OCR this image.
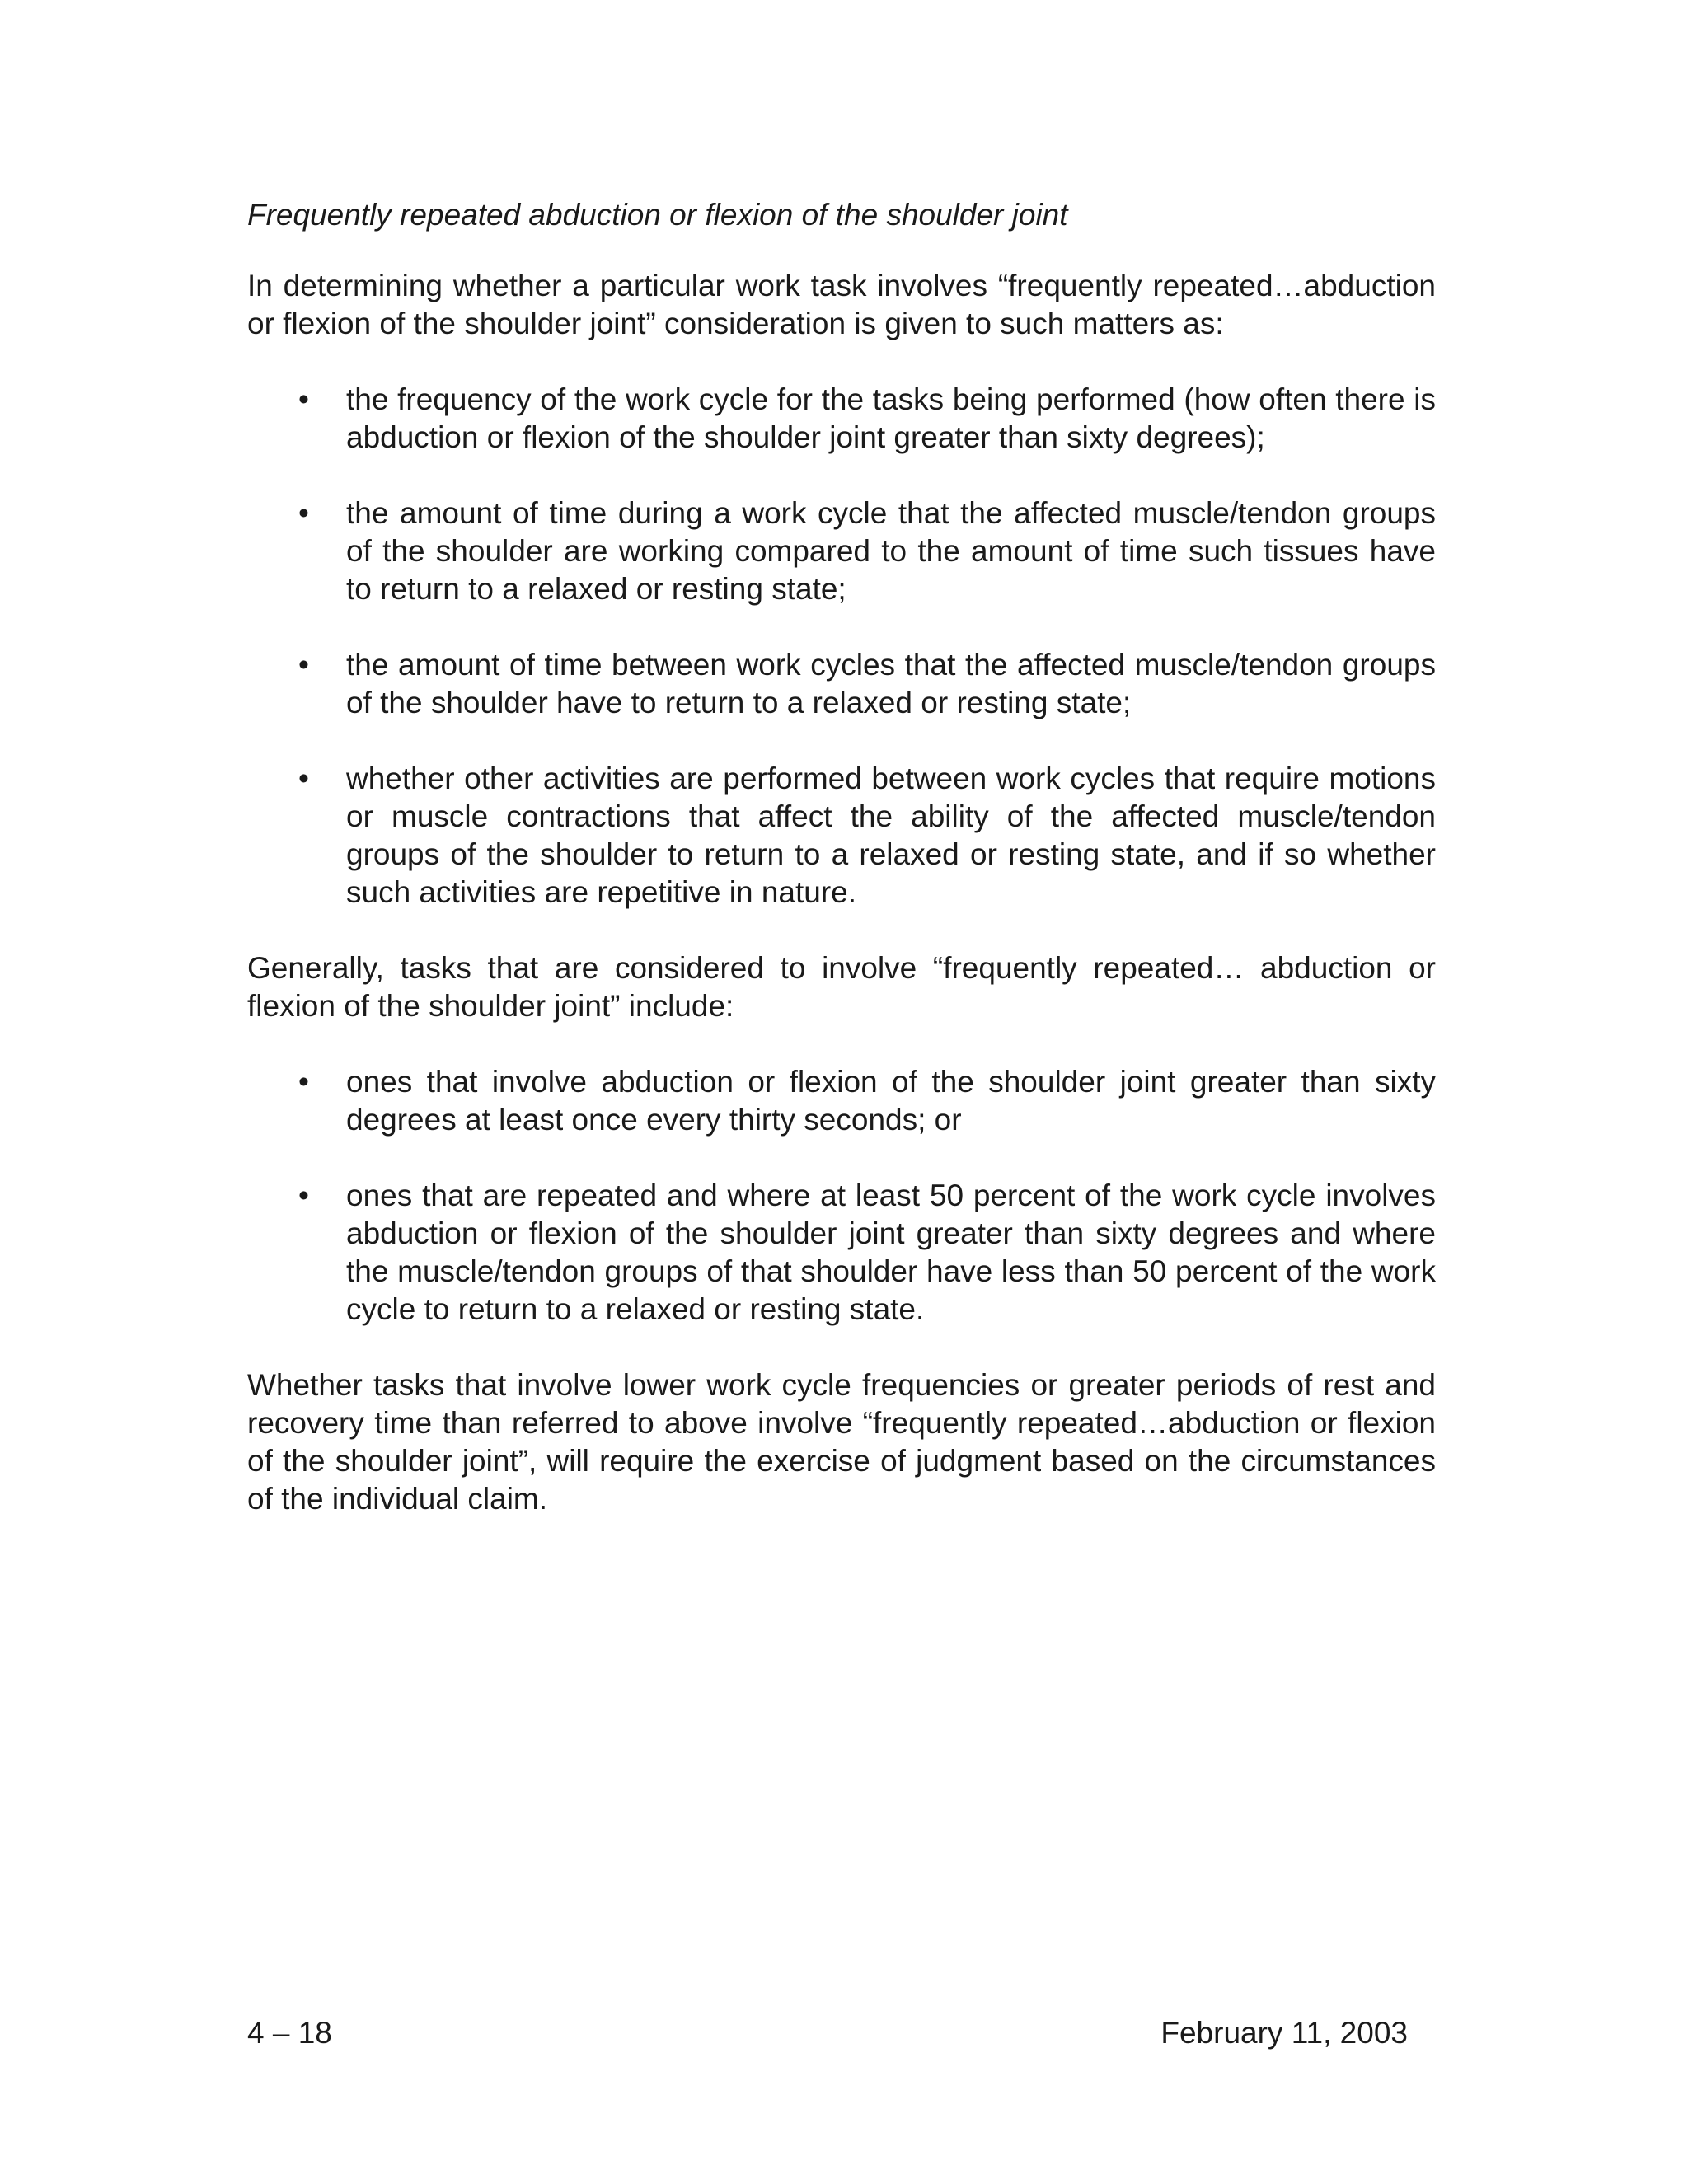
Frequently repeated abduction or flexion of the shoulder joint

In determining whether a particular work task involves “frequently repeated…abduction or flexion of the shoulder joint” consideration is given to such matters as:

• the frequency of the work cycle for the tasks being performed (how often there is abduction or flexion of the shoulder joint greater than sixty degrees);
• the amount of time during a work cycle that the affected muscle/tendon groups of the shoulder are working compared to the amount of time such tissues have to return to a relaxed or resting state;
• the amount of time between work cycles that the affected muscle/tendon groups of the shoulder have to return to a relaxed or resting state;
• whether other activities are performed between work cycles that require motions or muscle contractions that affect the ability of the affected muscle/tendon groups of the shoulder to return to a relaxed or resting state, and if so whether such activities are repetitive in nature.

Generally, tasks that are considered to involve “frequently repeated… abduction or flexion of the shoulder joint” include:

• ones that involve abduction or flexion of the shoulder joint greater than sixty degrees at least once every thirty seconds; or
• ones that are repeated and where at least 50 percent of the work cycle involves abduction or flexion of the shoulder joint greater than sixty degrees and where the muscle/tendon groups of that shoulder have less than 50 percent of the work cycle to return to a relaxed or resting state.

Whether tasks that involve lower work cycle frequencies or greater periods of rest and recovery time than referred to above involve “frequently repeated…abduction or flexion of the shoulder joint”, will require the exercise of judgment based on the circumstances of the individual claim.

4 – 18	February 11, 2003
